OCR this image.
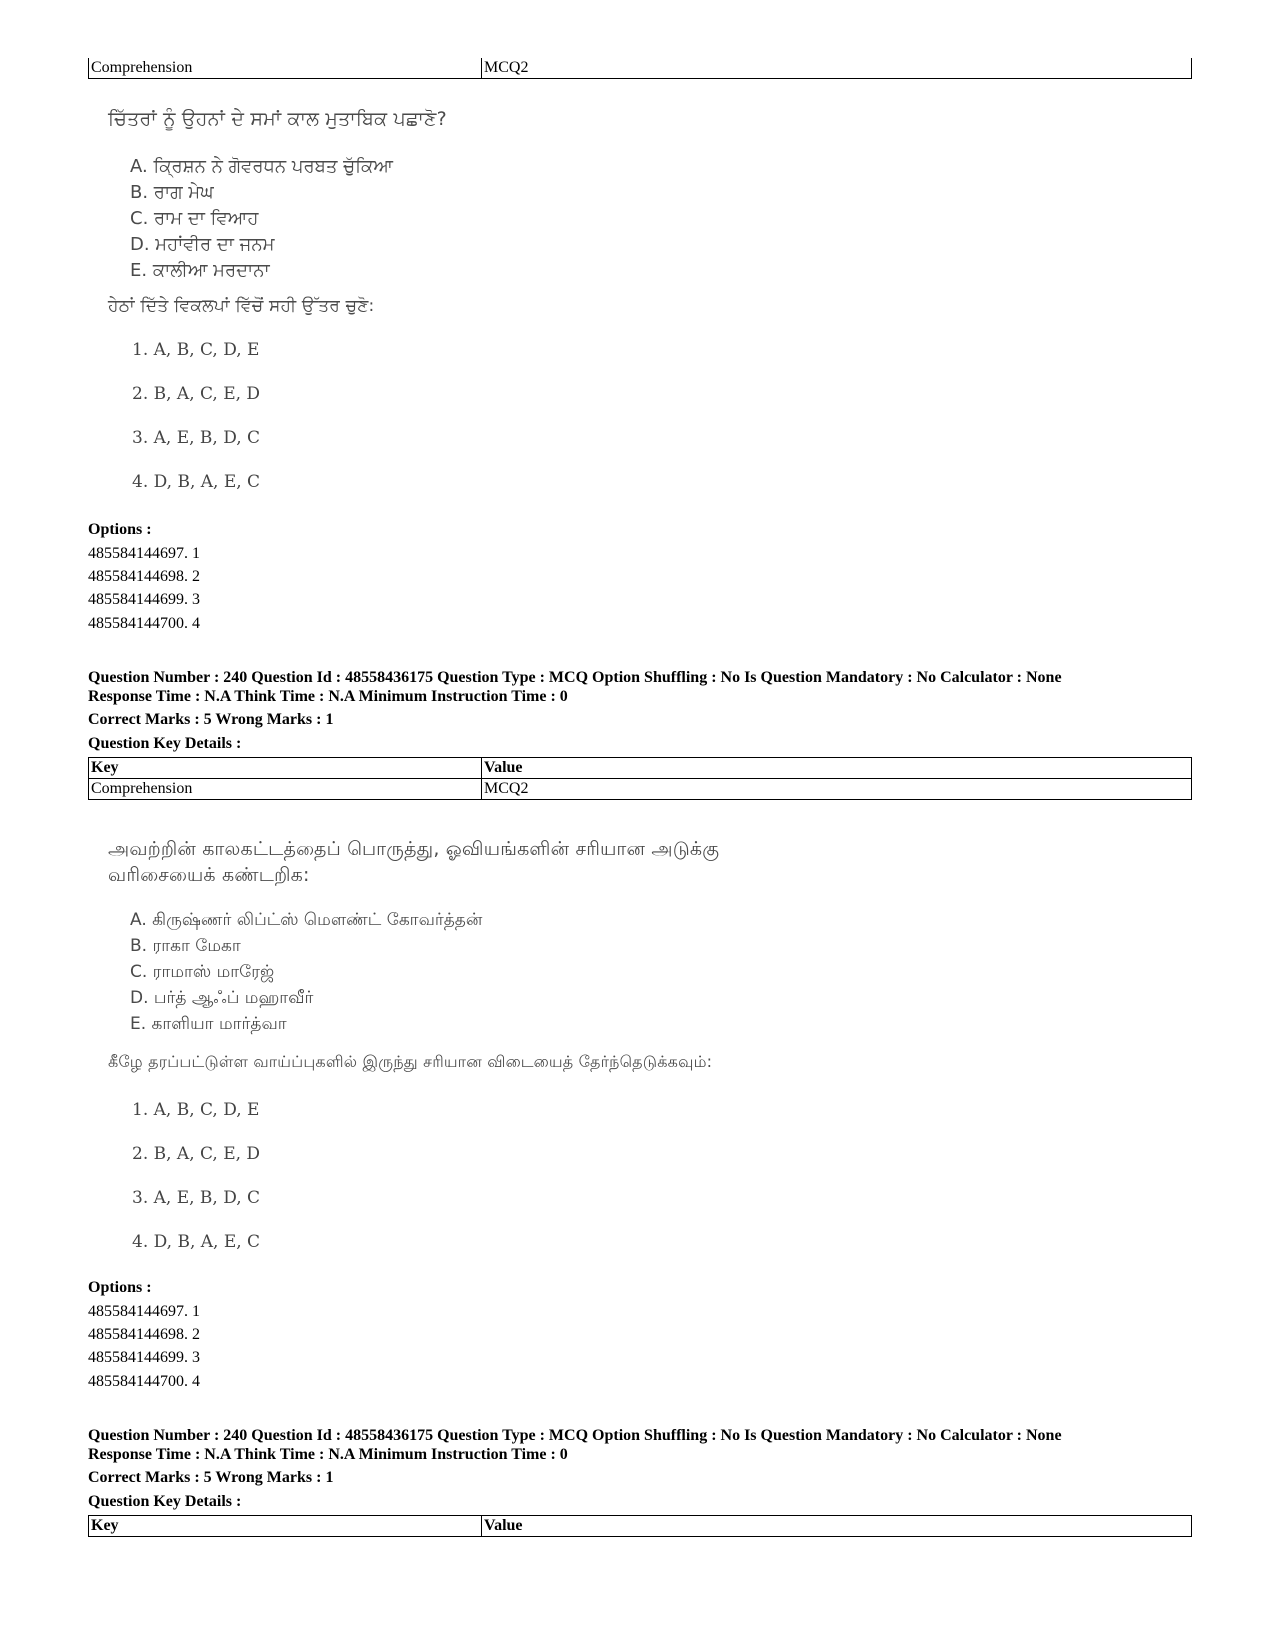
Comprehension	MCQ2
ਚਿੱਤਰਾਂ ਨੂੰ ਉਹਨਾਂ ਦੇ ਸਮਾਂ ਕਾਲ ਮੁਤਾਬਿਕ ਪਛਾਣੋ?
A. ਕ੍ਰਿਸ਼ਨ ਨੇ ਗੋਵਰਧਨ ਪਰਬਤ ਚੁੱਕਿਆ
B. ਰਾਗ ਮੇਘ
C. ਰਾਮ ਦਾ ਵਿਆਹ
D. ਮਹਾਂਵੀਰ ਦਾ ਜਨਮ
E. ਕਾਲੀਆ ਮਰਦਾਨਾ
ਹੇਠਾਂ ਦਿੱਤੇ ਵਿਕਲਪਾਂ ਵਿੱਚੋਂ ਸਹੀ ਉੱਤਰ ਚੁਣੋ:
1. A, B, C, D, E
2. B, A, C, E, D
3. A, E, B, D, C
4. D, B, A, E, C
Options :
485584144697. 1
485584144698. 2
485584144699. 3
485584144700. 4
Question Number : 240 Question Id : 48558436175 Question Type : MCQ Option Shuffling : No Is Question Mandatory : No Calculator : None
Response Time : N.A Think Time : N.A Minimum Instruction Time : 0
Correct Marks : 5 Wrong Marks : 1
Question Key Details :
Key	Value
Comprehension	MCQ2
அவற்றின் காலகட்டத்தைப் பொருத்து, ஓவியங்களின் சரியான அடுக்கு
வரிசையைக் கண்டறிக:
A. கிருஷ்ணர் லிப்ட்ஸ் மௌண்ட் கோவர்த்தன்
B. ராகா மேகா
C. ராமாஸ் மாரேஜ்
D. பர்த் ஆஃப் மஹாவீர்
E. காளியா மார்த்வா
கீழே தரப்பட்டுள்ள வாய்ப்புகளில் இருந்து சரியான விடையைத் தேர்ந்தெடுக்கவும்:
1. A, B, C, D, E
2. B, A, C, E, D
3. A, E, B, D, C
4. D, B, A, E, C
Options :
485584144697. 1
485584144698. 2
485584144699. 3
485584144700. 4
Question Number : 240 Question Id : 48558436175 Question Type : MCQ Option Shuffling : No Is Question Mandatory : No Calculator : None
Response Time : N.A Think Time : N.A Minimum Instruction Time : 0
Correct Marks : 5 Wrong Marks : 1
Question Key Details :
Key	Value
